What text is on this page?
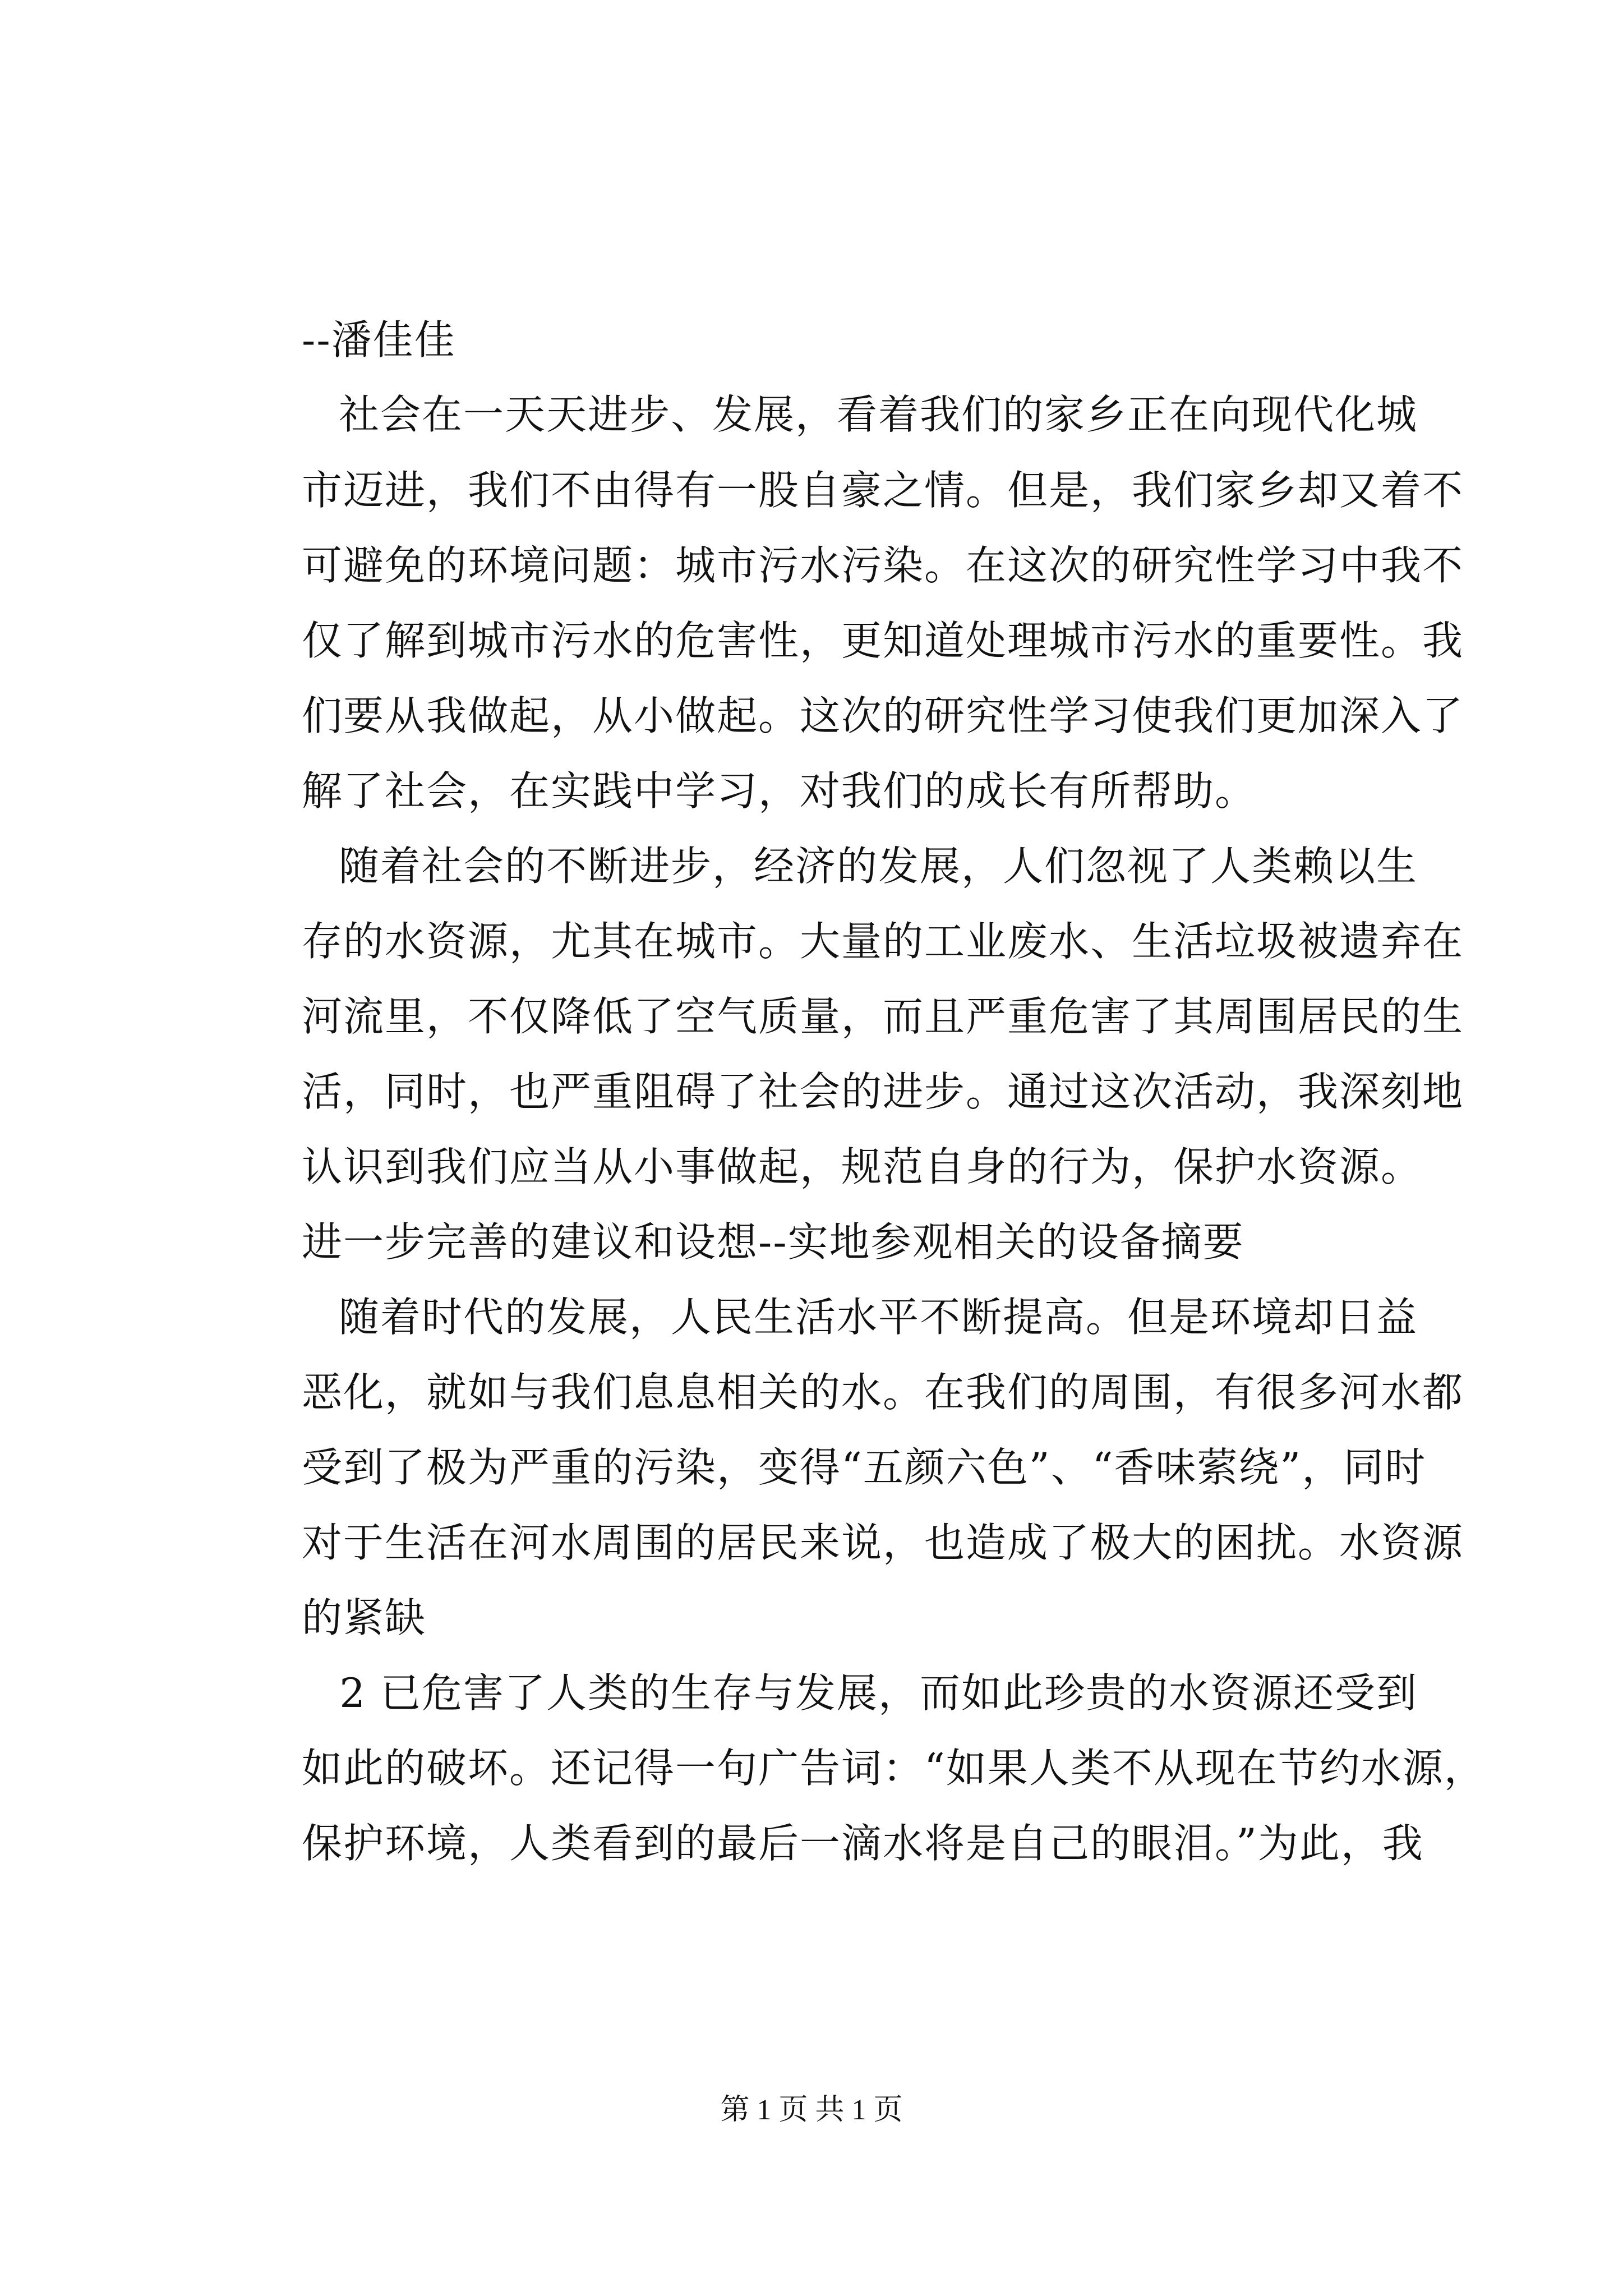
--潘佳佳
社会在一天天进步、发展，看着我们的家乡正在向现代化城
市迈进，我们不由得有一股自豪之情。但是，我们家乡却又着不
可避免的环境问题：城市污水污染。在这次的研究性学习中我不
仅了解到城市污水的危害性，更知道处理城市污水的重要性。我
们要从我做起，从小做起。这次的研究性学习使我们更加深入了
解了社会，在实践中学习，对我们的成长有所帮助。
随着社会的不断进步，经济的发展，人们忽视了人类赖以生
存的水资源，尤其在城市。大量的工业废水、生活垃圾被遗弃在
河流里，不仅降低了空气质量，而且严重危害了其周围居民的生
活，同时，也严重阻碍了社会的进步。通过这次活动，我深刻地
认识到我们应当从小事做起，规范自身的行为，保护水资源。
进一步完善的建议和设想--实地参观相关的设备摘要
随着时代的发展，人民生活水平不断提高。但是环境却日益
恶化，就如与我们息息相关的水。在我们的周围，有很多河水都
受到了极为严重的污染，变得“五颜六色”、“香味萦绕”，同时
对于生活在河水周围的居民来说，也造成了极大的困扰。水资源
的紧缺
2 已危害了人类的生存与发展，而如此珍贵的水资源还受到
如此的破坏。还记得一句广告词：“如果人类不从现在节约水源，
保护环境，人类看到的最后一滴水将是自己的眼泪。”为此，我
第 1 页 共 1 页
